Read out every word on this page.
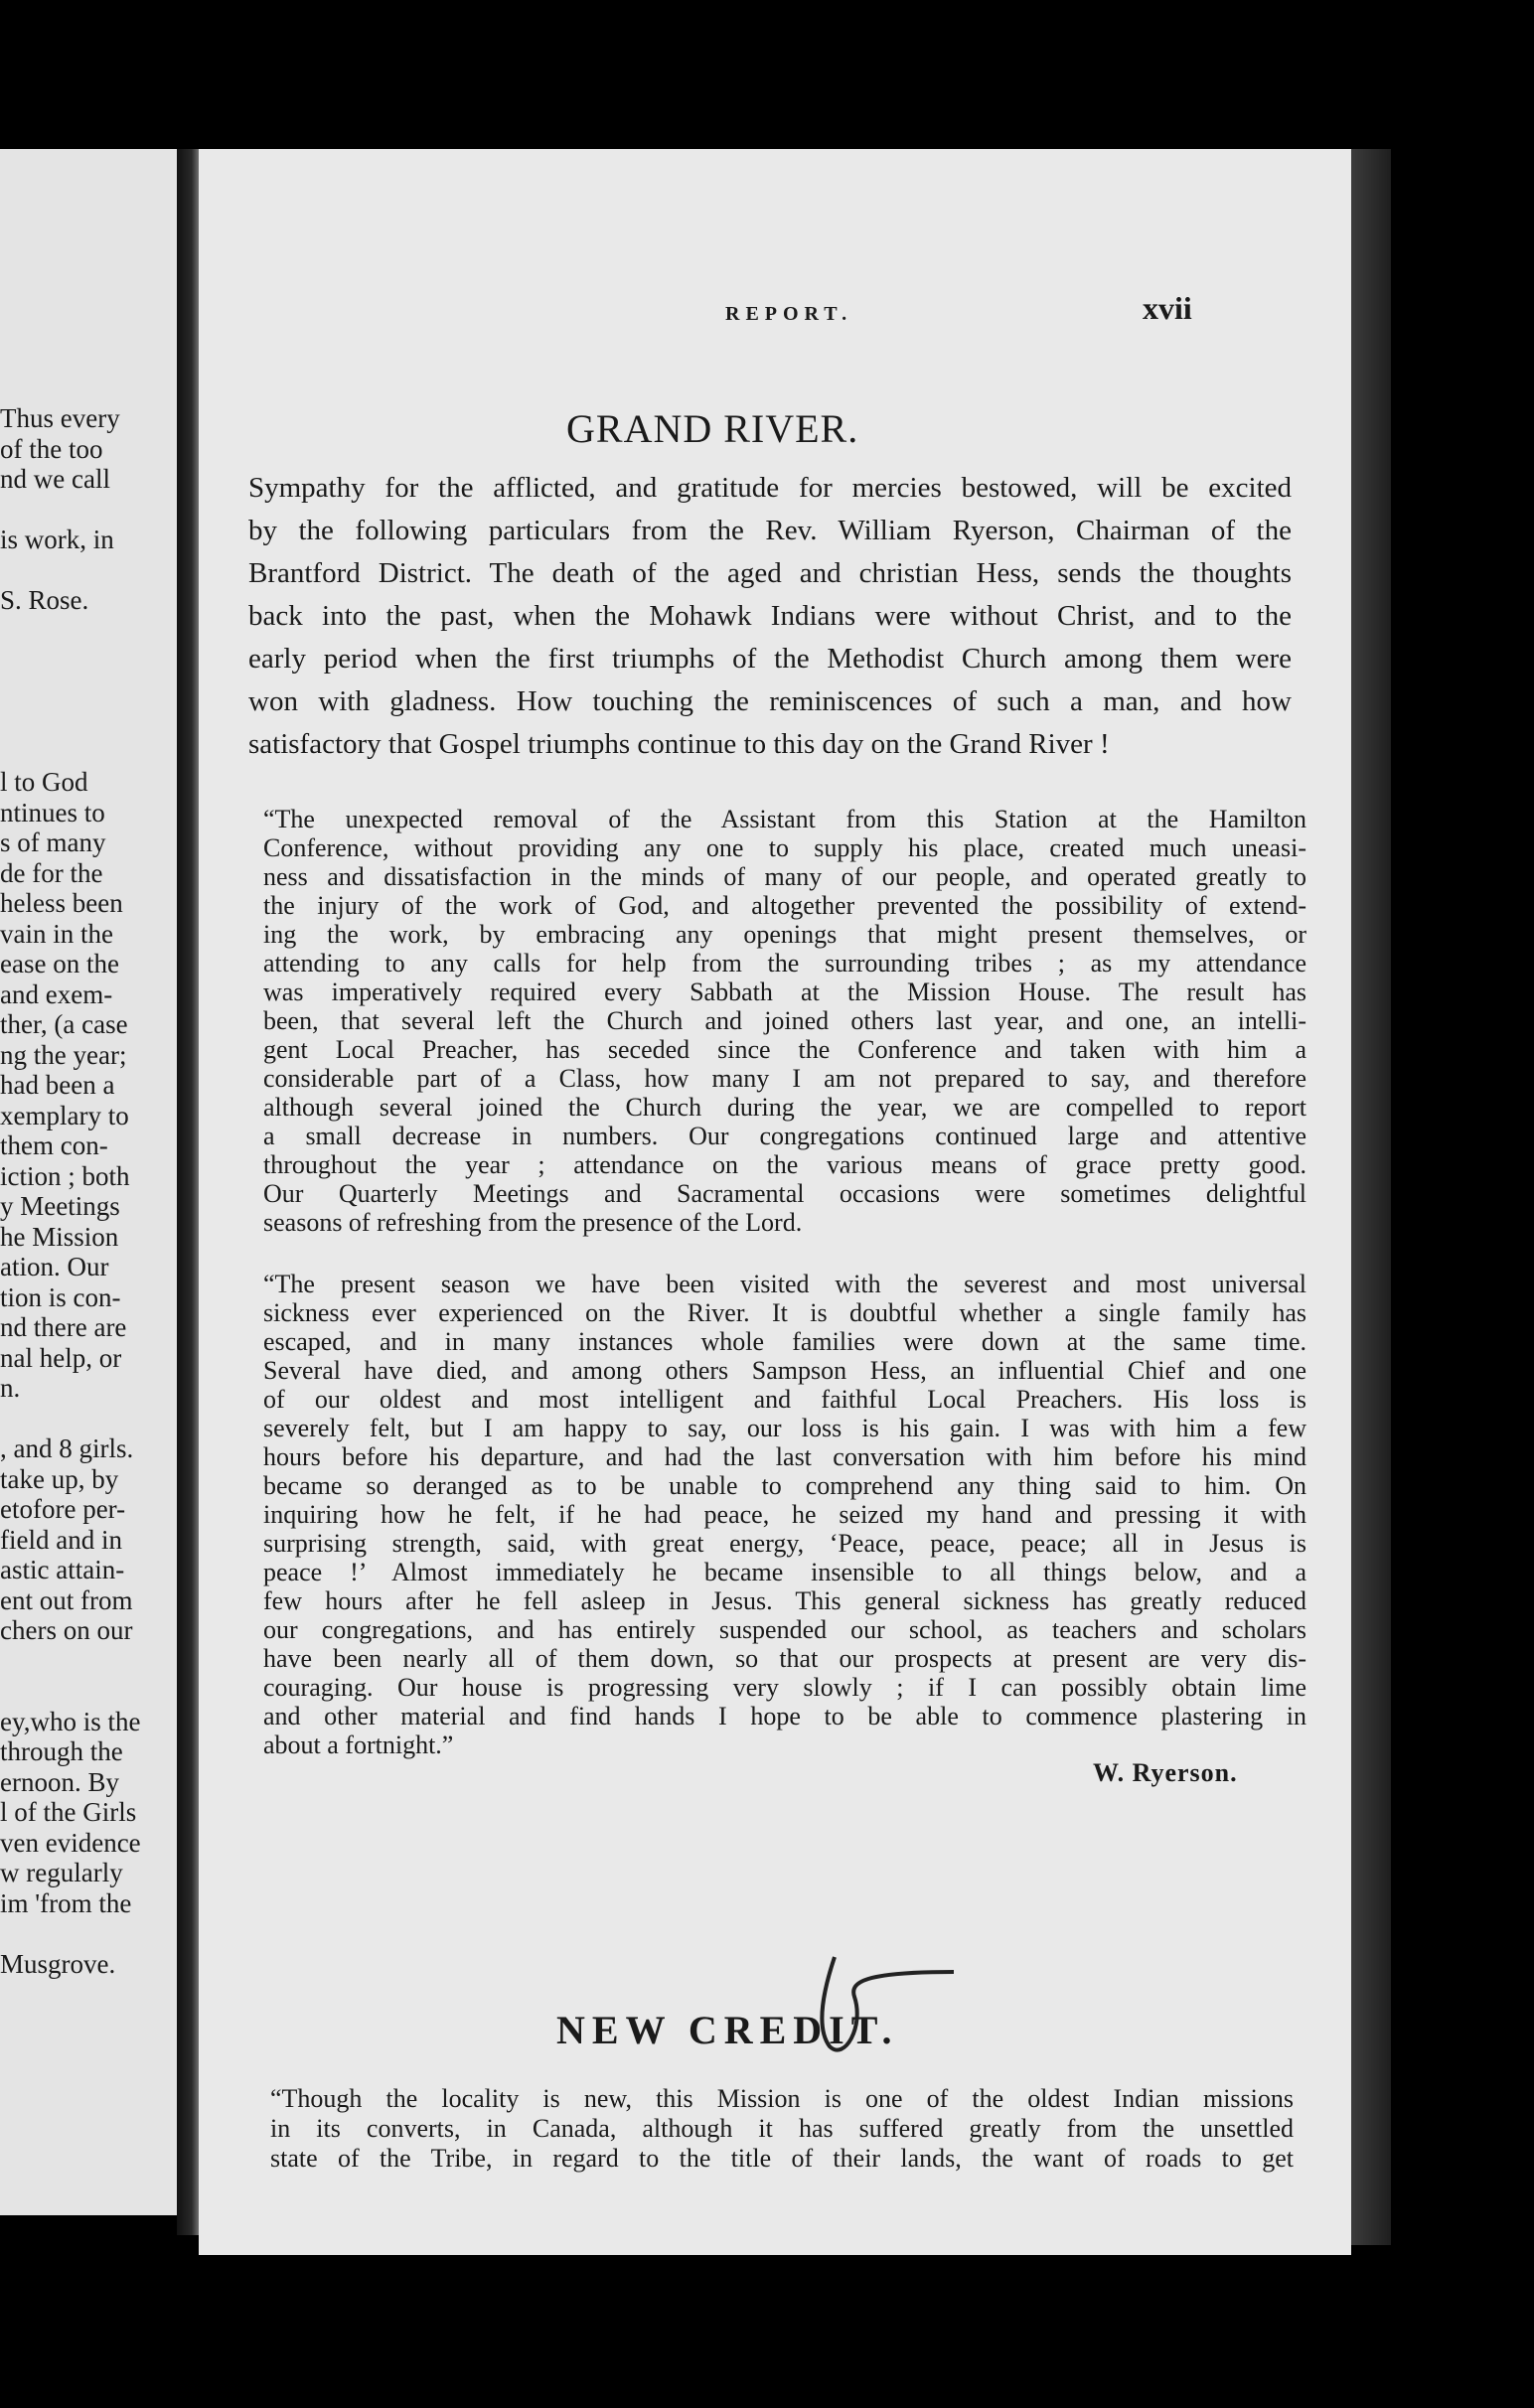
Thus every
of the too
nd we call
is work, in
S. Rose.
l to God
ntinues to
s of many
de for the
heless been
vain in the
ease on the
and exem-
ther, (a case
ng the year;
had been a
xemplary to
them con-
iction ; both
y Meetings
he Mission
ation. Our
tion is con-
nd there are
nal help, or
n.
, and 8 girls.
take up, by
etofore per-
field and in
astic attain-
ent out from
chers on our
ey,who is the
through the
ernoon. By
l of the Girls
ven evidence
w regularly
im 'from the
Musgrove.
REPORT.	xvii
GRAND RIVER.
Sympathy for the afflicted, and gratitude for mercies bestowed, will be excited
by the following particulars from the Rev. William Ryerson, Chairman of the
Brantford District. The death of the aged and christian Hess, sends the thoughts
back into the past, when the Mohawk Indians were without Christ, and to the
early period when the first triumphs of the Methodist Church among them were
won with gladness. How touching the reminiscences of such a man, and how
satisfactory that Gospel triumphs continue to this day on the Grand River !
“The unexpected removal of the Assistant from this Station at the Hamilton
Conference, without providing any one to supply his place, created much uneasi-
ness and dissatisfaction in the minds of many of our people, and operated greatly to
the injury of the work of God, and altogether prevented the possibility of extend-
ing the work, by embracing any openings that might present themselves, or
attending to any calls for help from the surrounding tribes ; as my attendance
was imperatively required every Sabbath at the Mission House. The result has
been, that several left the Church and joined others last year, and one, an intelli-
gent Local Preacher, has seceded since the Conference and taken with him a
considerable part of a Class, how many I am not prepared to say, and therefore
although several joined the Church during the year, we are compelled to report
a small decrease in numbers. Our congregations continued large and attentive
throughout the year ; attendance on the various means of grace pretty good.
Our Quarterly Meetings and Sacramental occasions were sometimes delightful
seasons of refreshing from the presence of the Lord.
“The present season we have been visited with the severest and most universal
sickness ever experienced on the River. It is doubtful whether a single family has
escaped, and in many instances whole families were down at the same time.
Several have died, and among others Sampson Hess, an influential Chief and one
of our oldest and most intelligent and faithful Local Preachers. His loss is
severely felt, but I am happy to say, our loss is his gain. I was with him a few
hours before his departure, and had the last conversation with him before his mind
became so deranged as to be unable to comprehend any thing said to him. On
inquiring how he felt, if he had peace, he seized my hand and pressing it with
surprising strength, said, with great energy, ‘Peace, peace, peace; all in Jesus is
peace !’ Almost immediately he became insensible to all things below, and a
few hours after he fell asleep in Jesus. This general sickness has greatly reduced
our congregations, and has entirely suspended our school, as teachers and scholars
have been nearly all of them down, so that our prospects at present are very dis-
couraging. Our house is progressing very slowly ; if I can possibly obtain lime
and other material and find hands I hope to be able to commence plastering in
about a fortnight.”
W. Ryerson.
NEW CREDIT.
“Though the locality is new, this Mission is one of the oldest Indian missions
in its converts, in Canada, although it has suffered greatly from the unsettled
state of the Tribe, in regard to the title of their lands, the want of roads to get
